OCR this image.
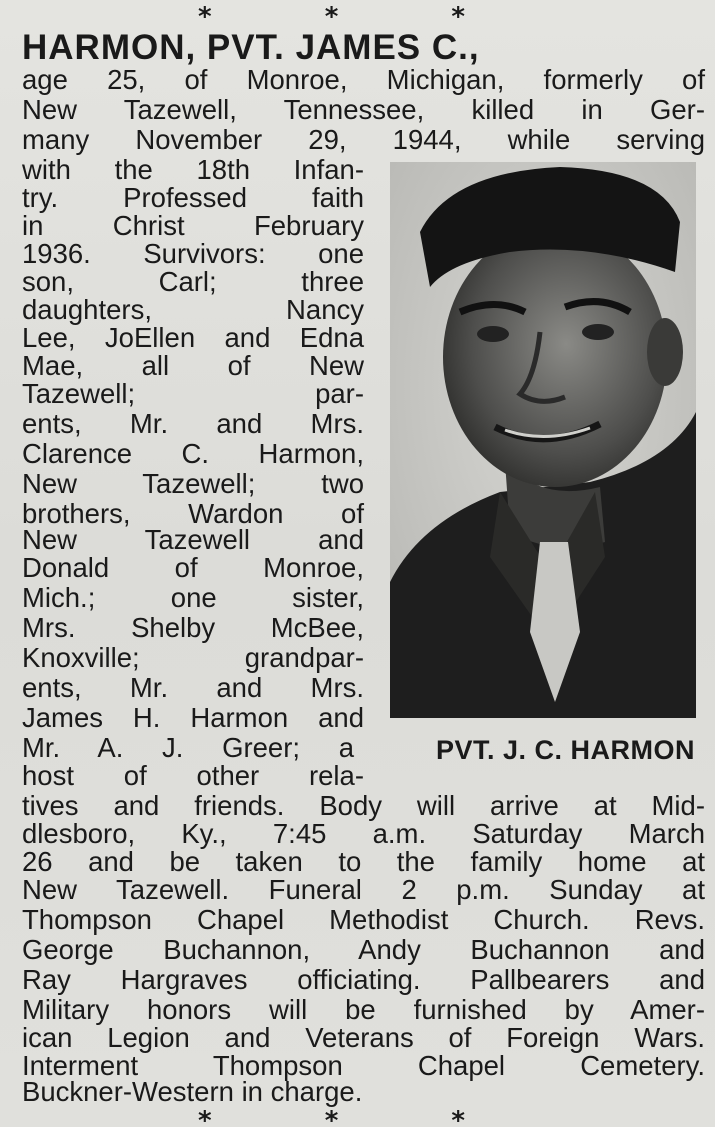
* * *
HARMON, PVT. JAMES C.,
age 25, of Monroe, Michigan, formerly of
New Tazewell, Tennessee, killed in Ger-
many November 29, 1944, while serving
with the 18th Infan-
try. Professed faith
in Christ February
1936. Survivors: one
son, Carl; three
daughters, Nancy
Lee, JoEllen and Edna
Mae, all of New
Tazewell; par-
ents, Mr. and Mrs.
Clarence C. Harmon,
New Tazewell; two
brothers, Wardon of
New Tazewell and
Donald of Monroe,
Mich.; one sister,
Mrs. Shelby McBee,
Knoxville; grandpar-
ents, Mr. and Mrs.
James H. Harmon and
Mr. A. J. Greer; a
host of other rela-
tives and friends. Body will arrive at Mid-
dlesboro, Ky., 7:45 a.m. Saturday March
26 and be taken to the family home at
New Tazewell. Funeral 2 p.m. Sunday at
Thompson Chapel Methodist Church. Revs.
George Buchannon, Andy Buchannon and
Ray Hargraves officiating. Pallbearers and
Military honors will be furnished by Amer-
ican Legion and Veterans of Foreign Wars.
Interment Thompson Chapel Cemetery.
Buckner-Western in charge.
PVT. J. C. HARMON
* * *
